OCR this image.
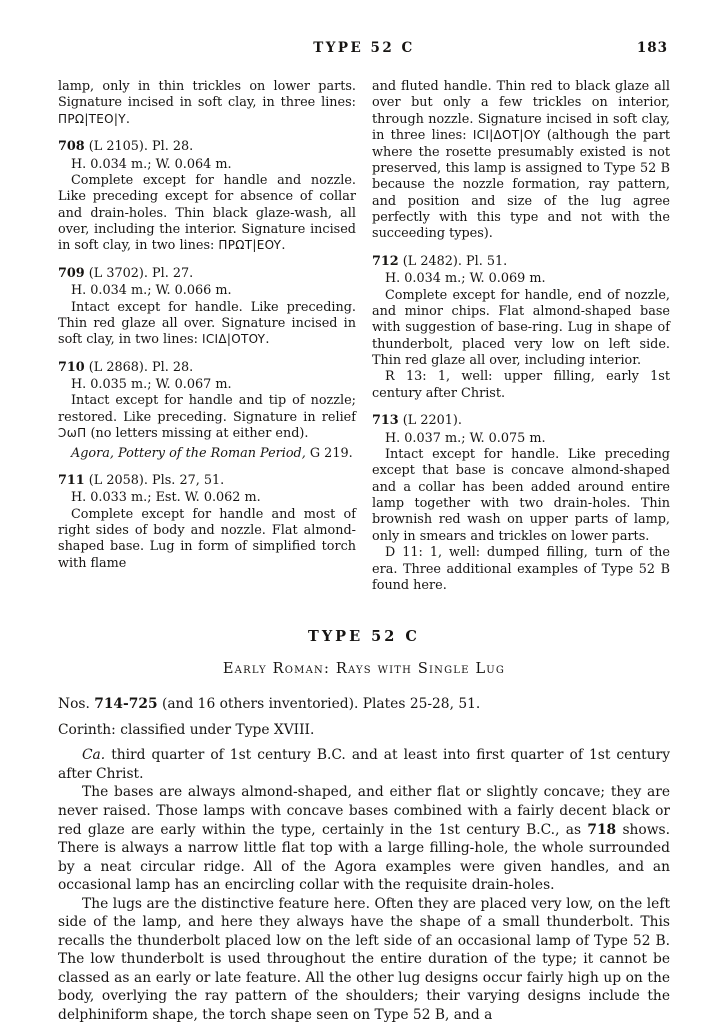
TYPE 52 C	183

lamp, only in thin trickles on lower parts. Signature incised in soft clay, in three lines: ΠPΩ|TEO|Y.

708 (L 2105). Pl. 28.

H. 0.034 m.; W. 0.064 m.

Complete except for handle and nozzle. Like preceding except for absence of collar and drain-holes. Thin black glaze-wash, all over, including the interior. Signature incised in soft clay, in two lines: ΠPΩT|EOY.

709 (L 3702). Pl. 27.

H. 0.034 m.; W. 0.066 m.

Intact except for handle. Like preceding. Thin red glaze all over. Signature incised in soft clay, in two lines: ICIΔ|OTOY.

710 (L 2868). Pl. 28.

H. 0.035 m.; W. 0.067 m.

Intact except for handle and tip of nozzle; restored. Like preceding. Signature in relief ƆωΠ (no letters missing at either end).

Agora, Pottery of the Roman Period, G 219.

711 (L 2058). Pls. 27, 51.

H. 0.033 m.; Est. W. 0.062 m.

Complete except for handle and most of right sides of body and nozzle. Flat almond-shaped base. Lug in form of simplified torch with flame

and fluted handle. Thin red to black glaze all over but only a few trickles on interior, through nozzle. Signature incised in soft clay, in three lines: ICI|ΔOT|OY (although the part where the rosette presumably existed is not preserved, this lamp is assigned to Type 52 B because the nozzle formation, ray pattern, and position and size of the lug agree perfectly with this type and not with the succeeding types).

712 (L 2482). Pl. 51.

H. 0.034 m.; W. 0.069 m.

Complete except for handle, end of nozzle, and minor chips. Flat almond-shaped base with suggestion of base-ring. Lug in shape of thunderbolt, placed very low on left side. Thin red glaze all over, including interior.

R 13: 1, well: upper filling, early 1st century after Christ.

713 (L 2201).

H. 0.037 m.; W. 0.075 m.

Intact except for handle. Like preceding except that base is concave almond-shaped and a collar has been added around entire lamp together with two drain-holes. Thin brownish red wash on upper parts of lamp, only in smears and trickles on lower parts.

D 11: 1, well: dumped filling, turn of the era. Three additional examples of Type 52 B found here.

TYPE 52 C
Early Roman: Rays with Single Lug

Nos. 714-725 (and 16 others inventoried). Plates 25-28, 51.

Corinth: classified under Type XVIII.

Ca. third quarter of 1st century B.C. and at least into first quarter of 1st century after Christ.

The bases are always almond-shaped, and either flat or slightly concave; they are never raised. Those lamps with concave bases combined with a fairly decent black or red glaze are early within the type, certainly in the 1st century B.C., as 718 shows. There is always a narrow little flat top with a large filling-hole, the whole surrounded by a neat circular ridge. All of the Agora examples were given handles, and an occasional lamp has an encircling collar with the requisite drain-holes.

The lugs are the distinctive feature here. Often they are placed very low, on the left side of the lamp, and here they always have the shape of a small thunderbolt. This recalls the thunderbolt placed low on the left side of an occasional lamp of Type 52 B. The low thunderbolt is used throughout the entire duration of the type; it cannot be classed as an early or late feature. All the other lug designs occur fairly high up on the body, overlying the ray pattern of the shoulders; their varying designs include the delphiniform shape, the torch shape seen on Type 52 B, and a
